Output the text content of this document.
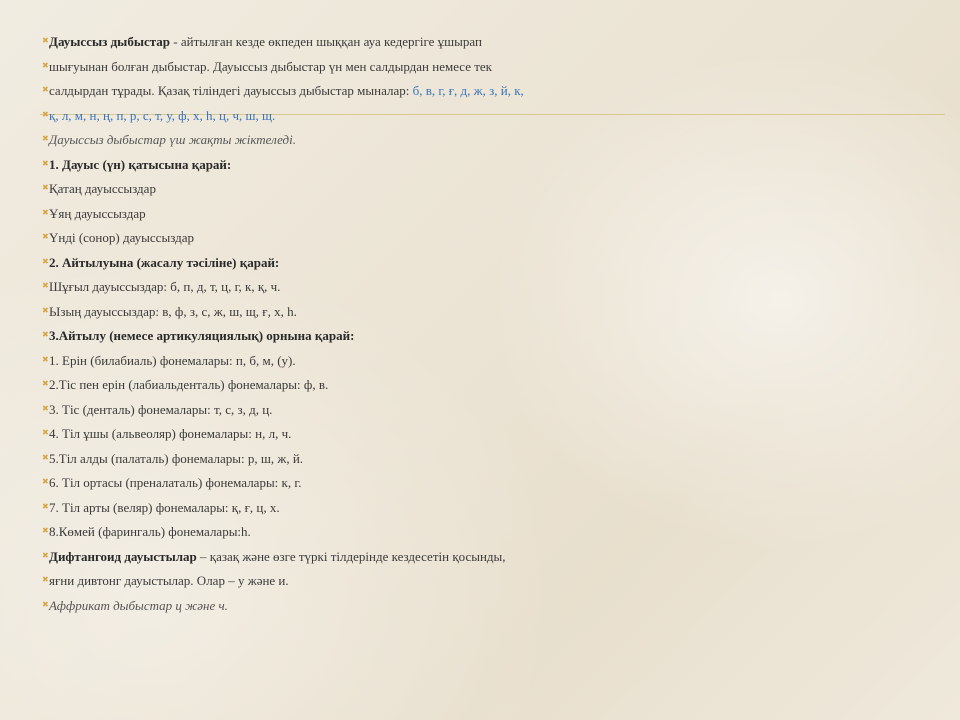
✖ Дауыссыз дыбыстар - айтылған кезде өкпеден шыққан ауа кедергіге ұшырап
✖ шығуынан болған дыбыстар. Дауыссыз дыбыстар үн мен салдырдан немесе тек
✖ салдырдан тұрады. Қазақ тіліндегі дауыссыз дыбыстар мыналар: б, в, г, ғ, д, ж, з, й, к,
✖ қ, л, м, н, ң, п, р, с, т, у, ф, х, һ, ц, ч, ш, щ.
✖ Дауыссыз дыбыстар үш жақты жіктеледі.
✖ 1. Дауыс (үн) қатысына қарай:
✖ Қатаң дауыссыздар
✖ Ұяң дауыссыздар
✖ Үнді (сонор) дауыссыздар
✖ 2. Айтылуына (жасалу тәсіліне) қарай:
✖ Шұғыл дауыссыздар: б, п, д, т, ц, г, к, қ, ч.
✖ Ызың дауыссыздар: в, ф, з, с, ж, ш, щ, ғ, х, һ.
✖ 3.Айтылу (немесе артикуляциялық) орнына қарай:
✖ 1. Ерін (билабиаль) фонемалары: п, б, м, (у).
✖ 2.Тіс пен ерін (лабиальденталь) фонемалары: ф, в.
✖ 3. Тіс (денталь) фонемалары: т, с, з, д, ц.
✖ 4. Тіл ұшы (альвеоляр) фонемалары: н, л, ч.
✖ 5.Тіл алды (палаталь) фонемалары: р, ш, ж, й.
✖ 6. Тіл ортасы (преналаталь) фонемалары: к, г.
✖ 7. Тіл арты (веляр) фонемалары: қ, ғ, ц, х.
✖ 8.Көмей (фарингаль) фонемалары:һ.
✖ Дифтангоид дауыстылар – қазақ және өзге түркі тілдерінде кездесетін қосынды,
✖ яғни дивтонг дауыстылар. Олар – у және и.
✖ Аффрикат дыбыстар ц және ч.
